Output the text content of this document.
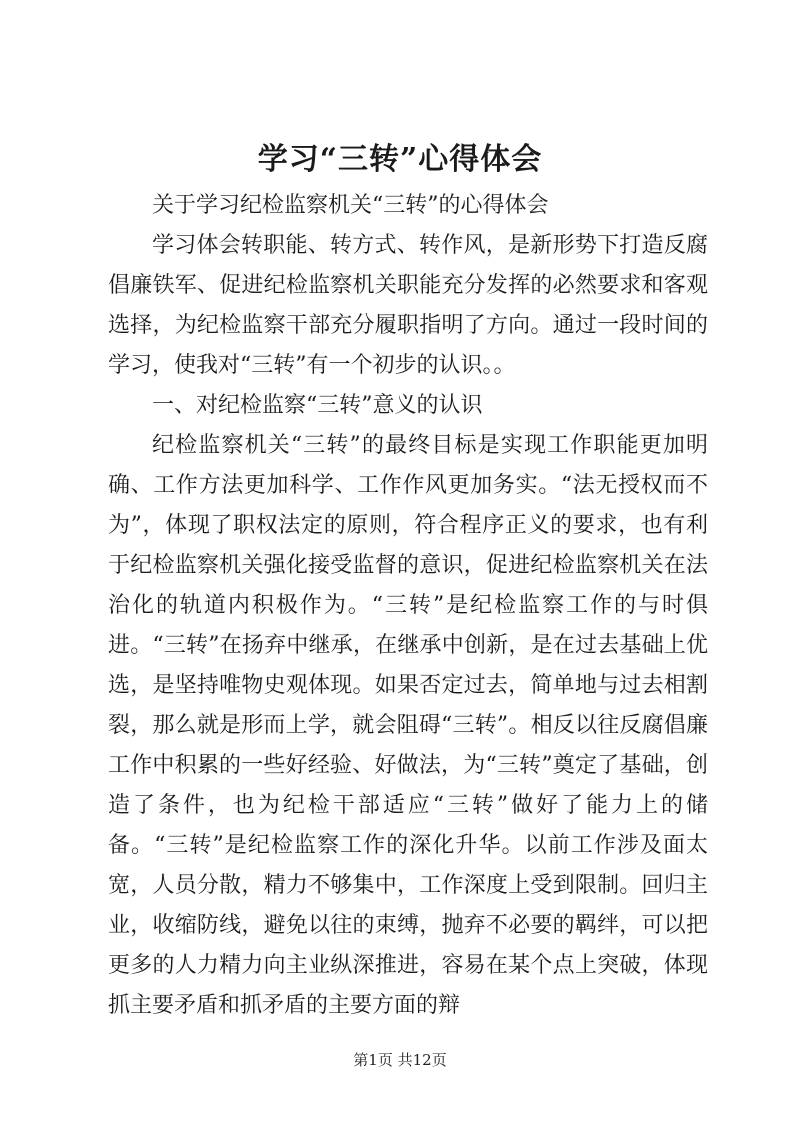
学习“三转”心得体会

关于学习纪检监察机关“三转”的心得体会

学习体会转职能、转方式、转作风，是新形势下打造反腐倡廉铁军、促进纪检监察机关职能充分发挥的必然要求和客观选择，为纪检监察干部充分履职指明了方向。通过一段时间的学习，使我对“三转”有一个初步的认识。。

一、对纪检监察“三转”意义的认识

纪检监察机关“三转”的最终目标是实现工作职能更加明确、工作方法更加科学、工作作风更加务实。“法无授权而不为”，体现了职权法定的原则，符合程序正义的要求，也有利于纪检监察机关强化接受监督的意识，促进纪检监察机关在法治化的轨道内积极作为。“三转”是纪检监察工作的与时俱进。“三转”在扬弃中继承，在继承中创新，是在过去基础上优选，是坚持唯物史观体现。如果否定过去，简单地与过去相割裂，那么就是形而上学，就会阻碍“三转”。相反以往反腐倡廉工作中积累的一些好经验、好做法，为“三转”奠定了基础，创造了条件，也为纪检干部适应“三转”做好了能力上的储备。“三转”是纪检监察工作的深化升华。以前工作涉及面太宽，人员分散，精力不够集中，工作深度上受到限制。回归主业，收缩防线，避免以往的束缚，抛弃不必要的羁绊，可以把更多的人力精力向主业纵深推进，容易在某个点上突破，体现抓主要矛盾和抓矛盾的主要方面的辩

第1页 共12页
